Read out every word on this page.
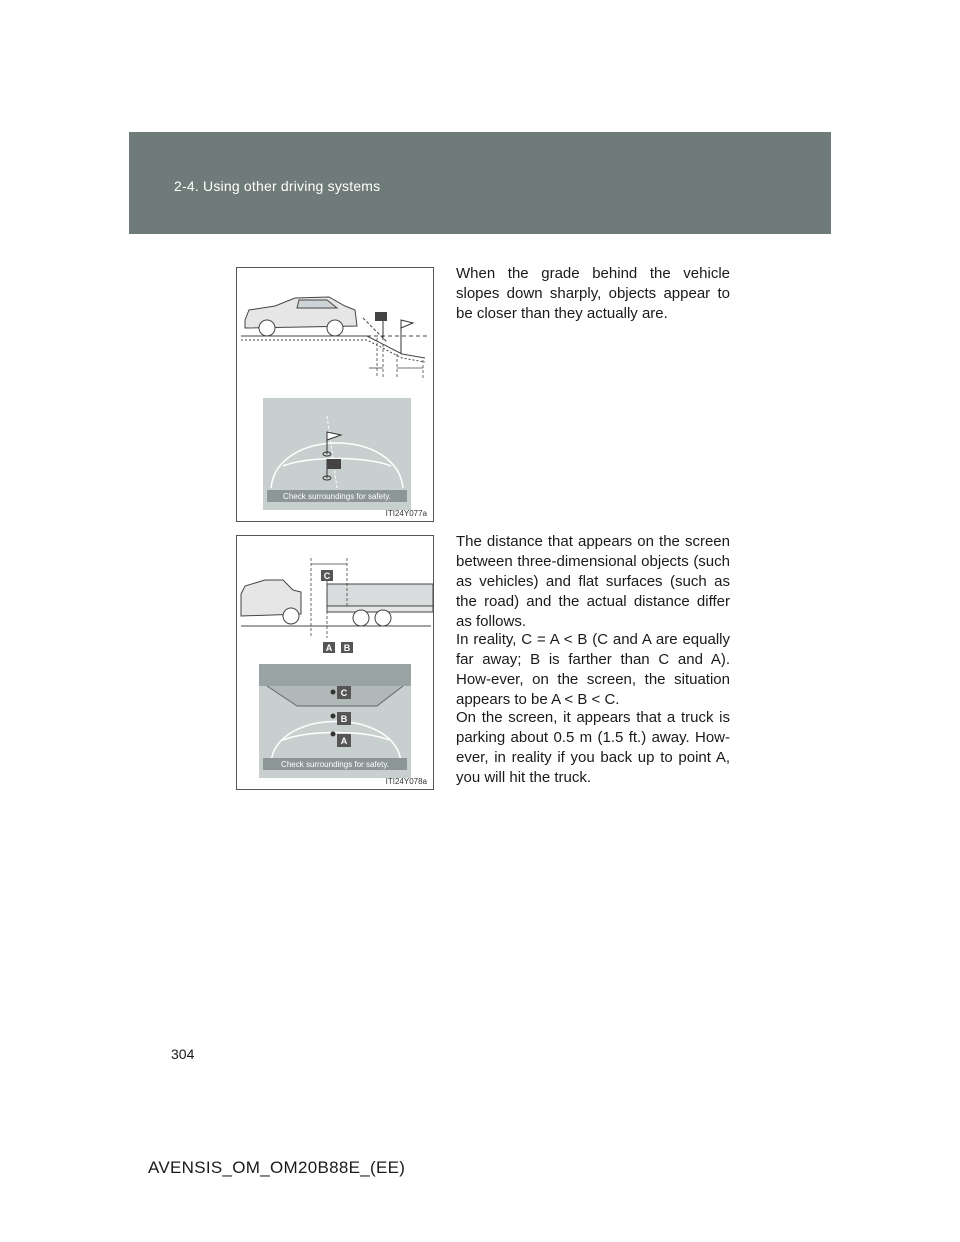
2-4. Using other driving systems
Check surroundings for safety.
ITI24Y077a
C
A B
C
B
A
Check surroundings for safety.
ITI24Y078a

When the grade behind the vehicle slopes down sharply, objects appear to be closer than they actually are.

The distance that appears on the screen between three-dimensional objects (such as vehicles) and flat surfaces (such as the road) and the actual distance differ as follows.

In reality, C = A < B (C and A are equally far away; B is farther than C and A). How-ever, on the screen, the situation appears to be A < B < C.

On the screen, it appears that a truck is parking about 0.5 m (1.5 ft.) away. How-ever, in reality if you back up to point A, you will hit the truck.

304
AVENSIS_OM_OM20B88E_(EE)
